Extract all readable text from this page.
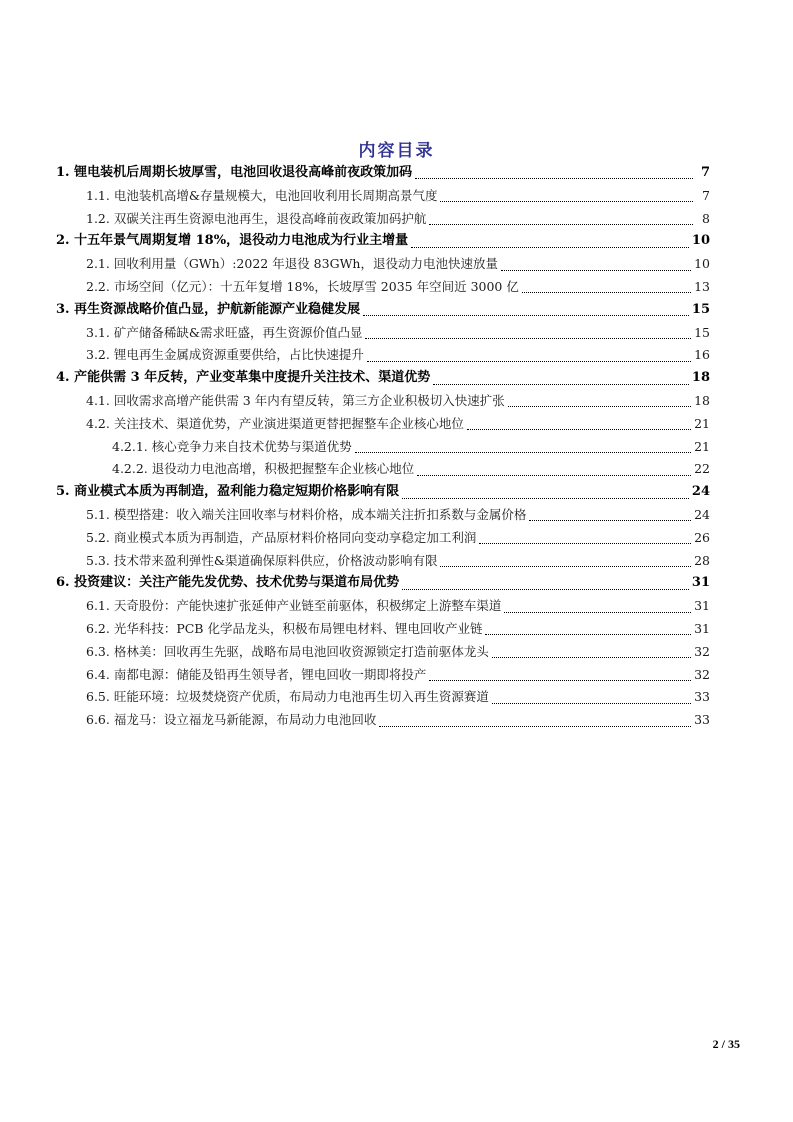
内容目录
1. 锂电装机后周期长坡厚雪，电池回收退役高峰前夜政策加码	7
1.1. 电池装机高增&存量规模大，电池回收利用长周期高景气度	7
1.2. 双碳关注再生资源电池再生，退役高峰前夜政策加码护航	8
2. 十五年景气周期复增 18%，退役动力电池成为行业主增量	10
2.1. 回收利用量（GWh）:2022 年退役 83GWh，退役动力电池快速放量	10
2.2. 市场空间（亿元）：十五年复增 18%，长坡厚雪 2035 年空间近 3000 亿	13
3. 再生资源战略价值凸显，护航新能源产业稳健发展	15
3.1. 矿产储备稀缺&需求旺盛，再生资源价值凸显	15
3.2. 锂电再生金属成资源重要供给，占比快速提升	16
4. 产能供需 3 年反转，产业变革集中度提升关注技术、渠道优势	18
4.1. 回收需求高增产能供需 3 年内有望反转，第三方企业积极切入快速扩张	18
4.2. 关注技术、渠道优势，产业演进渠道更替把握整车企业核心地位	21
4.2.1. 核心竞争力来自技术优势与渠道优势	21
4.2.2. 退役动力电池高增，积极把握整车企业核心地位	22
5. 商业模式本质为再制造，盈利能力稳定短期价格影响有限	24
5.1. 模型搭建：收入端关注回收率与材料价格，成本端关注折扣系数与金属价格	24
5.2. 商业模式本质为再制造，产品原材料价格同向变动享稳定加工利润	26
5.3. 技术带来盈利弹性&渠道确保原料供应，价格波动影响有限	28
6. 投资建议：关注产能先发优势、技术优势与渠道布局优势	31
6.1. 天奇股份：产能快速扩张延伸产业链至前驱体，积极绑定上游整车渠道	31
6.2. 光华科技：PCB 化学品龙头，积极布局锂电材料、锂电回收产业链	31
6.3. 格林美：回收再生先驱，战略布局电池回收资源锁定打造前驱体龙头	32
6.4. 南都电源：储能及铅再生领导者，锂电回收一期即将投产	32
6.5. 旺能环境：垃圾焚烧资产优质，布局动力电池再生切入再生资源赛道	33
6.6. 福龙马：设立福龙马新能源，布局动力电池回收	33
2 / 35
